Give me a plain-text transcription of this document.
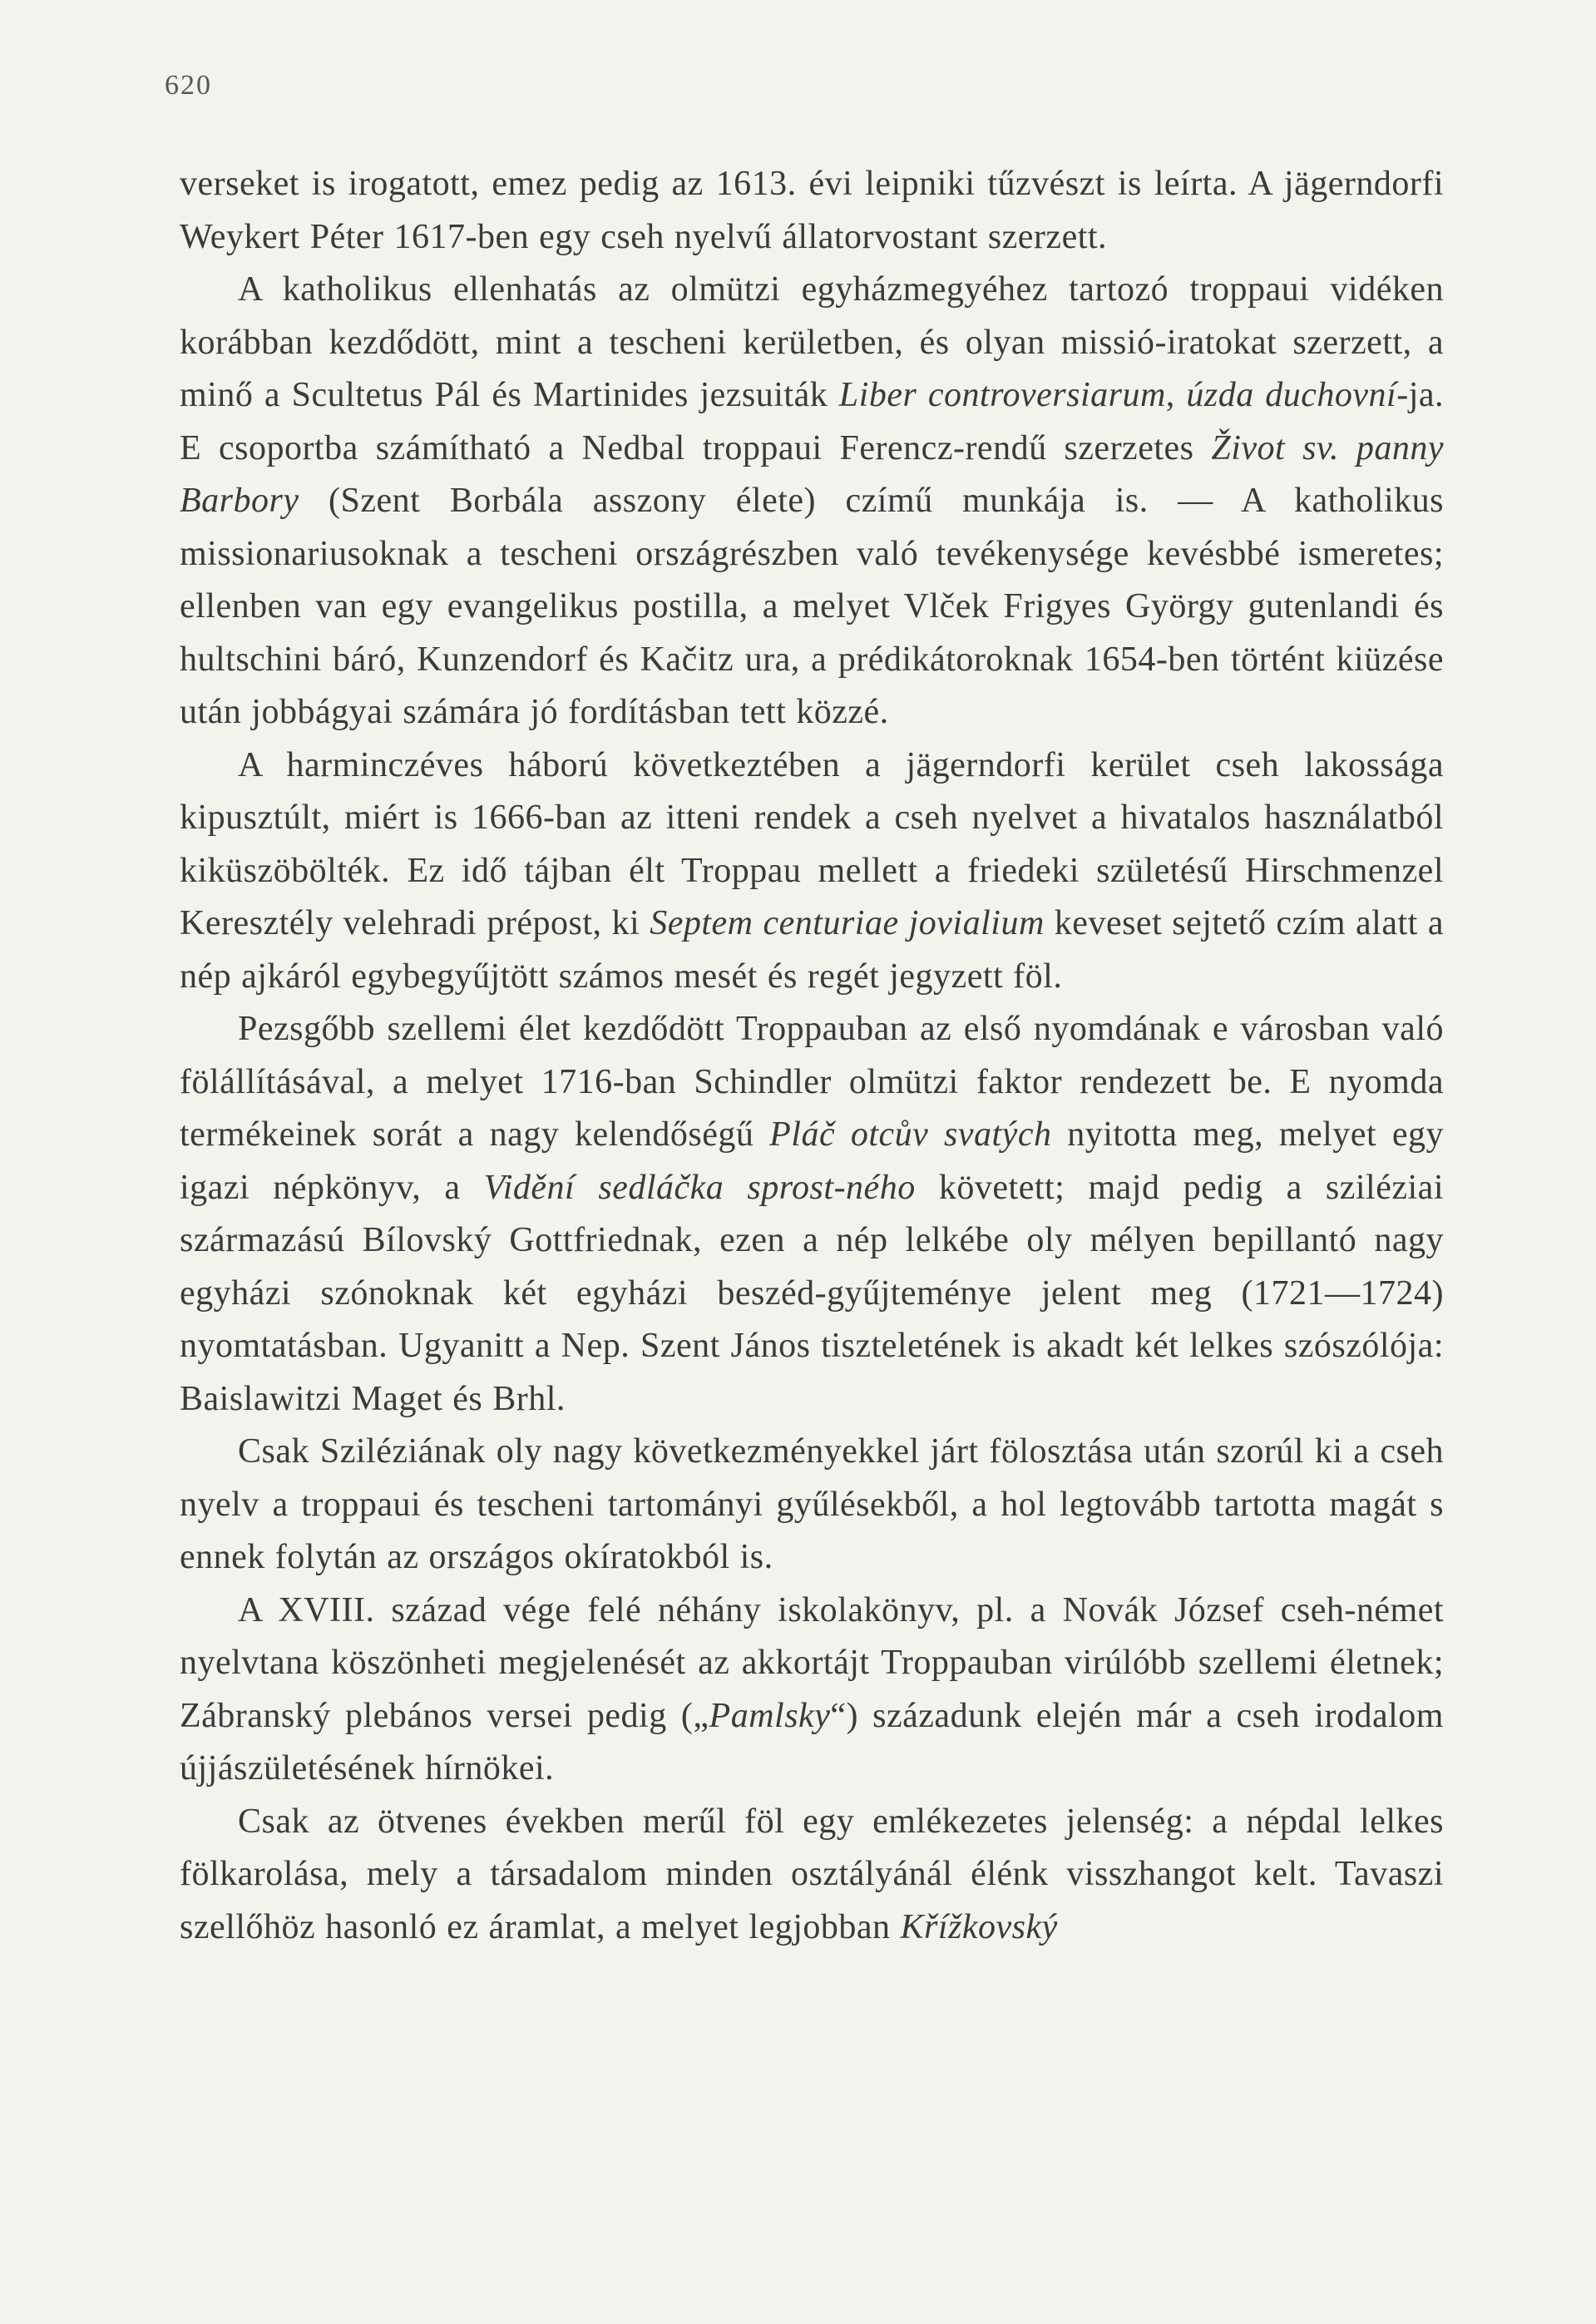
620

verseket is irogatott, emez pedig az 1613. évi leipniki tűzvészt is leírta. A jägerndorfi Weykert Péter 1617-ben egy cseh nyelvű állatorvostant szerzett.

A katholikus ellenhatás az olmützi egyházmegyéhez tartozó troppaui vidéken korábban kezdődött, mint a tescheni kerületben, és olyan missió-iratokat szerzett, a minő a Scultetus Pál és Martinides jezsuiták Liber controversiarum, úzda duchovní-ja. E csoportba számítható a Nedbal troppaui Ferencz-rendű szerzetes Život sv. panny Barbory (Szent Borbála asszony élete) czímű munkája is. — A katholikus missionariusoknak a tescheni országrészben való tevékenysége kevésbbé ismeretes; ellenben van egy evangelikus postilla, a melyet Vlček Frigyes György gutenlandi és hultschini báró, Kunzendorf és Kačitz ura, a prédikátoroknak 1654-ben történt kiüzése után jobbágyai számára jó fordításban tett közzé.

A harminczéves háború következtében a jägerndorfi kerület cseh lakossága kipusztúlt, miért is 1666-ban az itteni rendek a cseh nyelvet a hivatalos használatból kiküszöbölték. Ez idő tájban élt Troppau mellett a friedeki születésű Hirschmenzel Keresztély velehradi prépost, ki Septem centuriae jovialium keveset sejtető czím alatt a nép ajkáról egybegyűjtött számos mesét és regét jegyzett föl.

Pezsgőbb szellemi élet kezdődött Troppauban az első nyomdának e városban való fölállításával, a melyet 1716-ban Schindler olmützi faktor rendezett be. E nyomda termékeinek sorát a nagy kelendőségű Pláč otcův svatých nyitotta meg, melyet egy igazi népkönyv, a Vidění sedláčka sprost-ného követett; majd pedig a sziléziai származású Bílovský Gottfriednak, ezen a nép lelkébe oly mélyen bepillantó nagy egyházi szónoknak két egyházi beszéd-gyűjteménye jelent meg (1721—1724) nyomtatásban. Ugyanitt a Nep. Szent János tiszteletének is akadt két lelkes szószólója: Baislawitzi Maget és Brhl.

Csak Sziléziának oly nagy következményekkel járt fölosztása után szorúl ki a cseh nyelv a troppaui és tescheni tartományi gyűlésekből, a hol legtovább tartotta magát s ennek folytán az országos okíratokból is.

A XVIII. század vége felé néhány iskolakönyv, pl. a Novák József cseh-német nyelvtana köszönheti megjelenését az akkortájt Troppauban virúlóbb szellemi életnek; Zábranský plebános versei pedig („Pamlsky“) századunk elején már a cseh irodalom újjászületésének hírnökei.

Csak az ötvenes években merűl föl egy emlékezetes jelenség: a népdal lelkes fölkarolása, mely a társadalom minden osztályánál élénk visszhangot kelt. Tavaszi szellőhöz hasonló ez áramlat, a melyet legjobban Křížkovský
